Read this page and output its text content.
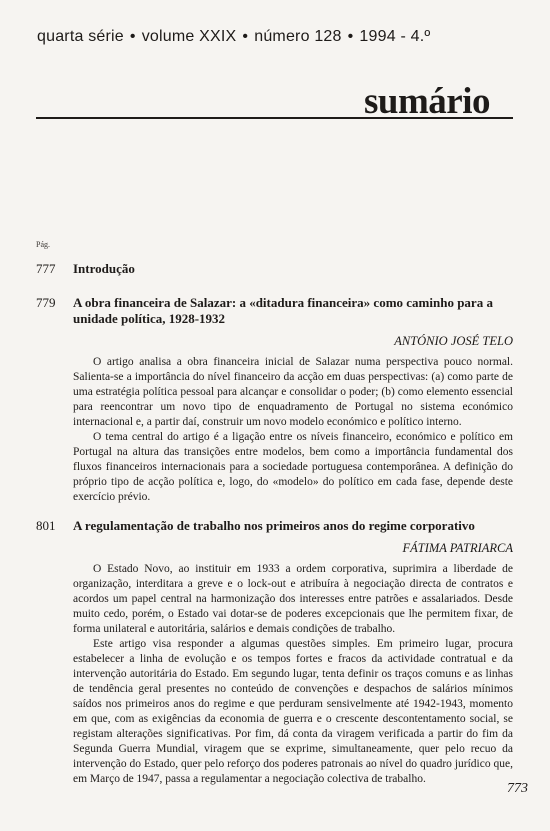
quarta série • volume XXIX • número 128 • 1994 - 4.º
sumário
Pág.
777 Introdução
779 A obra financeira de Salazar: a «ditadura financeira» como caminho para a unidade política, 1928-1932
ANTÓNIO JOSÉ TELO

O artigo analisa a obra financeira inicial de Salazar numa perspectiva pouco normal. Salienta-se a importância do nível financeiro da acção em duas perspectivas: (a) como parte de uma estratégia política pessoal para alcançar e consolidar o poder; (b) como elemento essencial para reencontrar um novo tipo de enquadramento de Portugal no sistema económico internacional e, a partir daí, construir um novo modelo económico e político interno.

O tema central do artigo é a ligação entre os níveis financeiro, económico e político em Portugal na altura das transições entre modelos, bem como a importância fundamental dos fluxos financeiros internacionais para a sociedade portuguesa contemporânea. A definição do próprio tipo de acção política e, logo, do «modelo» do político em cada fase, depende deste exercício prévio.

801 A regulamentação de trabalho nos primeiros anos do regime corporativo
FÁTIMA PATRIARCA

O Estado Novo, ao instituir em 1933 a ordem corporativa, suprimira a liberdade de organização, interditara a greve e o lock-out e atribuíra à negociação directa de contratos e acordos um papel central na harmonização dos interesses entre patrões e assalariados. Desde muito cedo, porém, o Estado vai dotar-se de poderes excepcionais que lhe permitem fixar, de forma unilateral e autoritária, salários e demais condições de trabalho.

Este artigo visa responder a algumas questões simples. Em primeiro lugar, procura estabelecer a linha de evolução e os tempos fortes e fracos da actividade contratual e da intervenção autoritária do Estado. Em segundo lugar, tenta definir os traços comuns e as linhas de tendência geral presentes no conteúdo de convenções e despachos de salários mínimos saídos nos primeiros anos do regime e que perduram sensivelmente até 1942-1943, momento em que, com as exigências da economia de guerra e o crescente descontentamento social, se registam alterações significativas. Por fim, dá conta da viragem verificada a partir do fim da Segunda Guerra Mundial, viragem que se exprime, simultaneamente, quer pelo recuo da intervenção do Estado, quer pelo reforço dos poderes patronais ao nível do quadro jurídico que, em Março de 1947, passa a regulamentar a negociação colectiva de trabalho.

773
